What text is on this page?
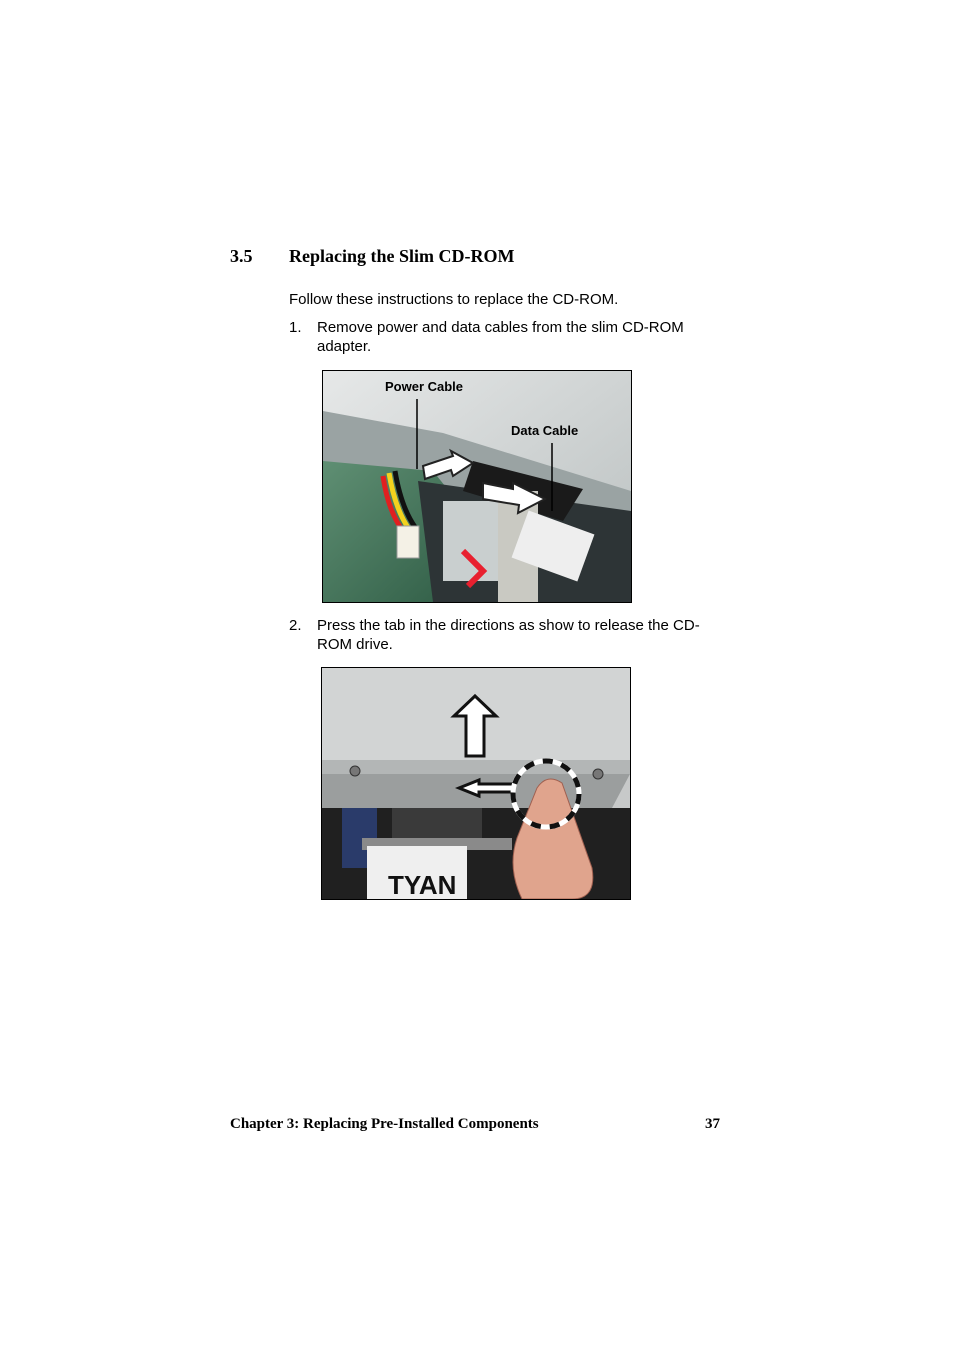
3.5 Replacing the Slim CD-ROM
Follow these instructions to replace the CD-ROM.
1. Remove power and data cables from the slim CD-ROM adapter.
Power Cable
Data Cable
2. Press the tab in the directions as show to release the CD-ROM drive.
TYAN
Chapter 3: Replacing Pre-Installed Components	37
